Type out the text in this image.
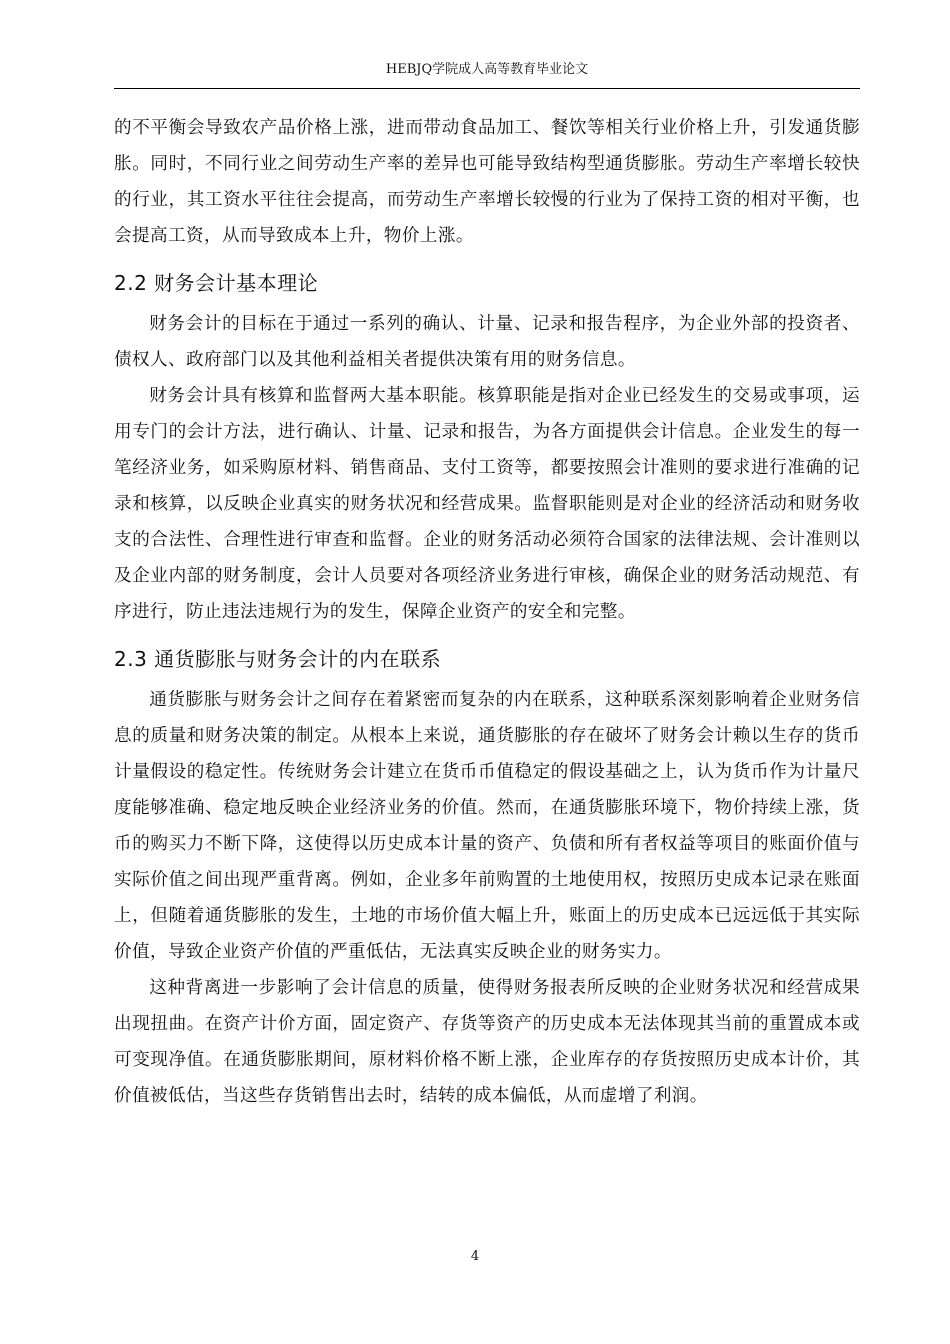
HEBJQ学院成人高等教育毕业论文

的不平衡会导致农产品价格上涨，进而带动食品加工、餐饮等相关行业价格上升，引发通货膨胀。同时，不同行业之间劳动生产率的差异也可能导致结构型通货膨胀。劳动生产率增长较快的行业，其工资水平往往会提高，而劳动生产率增长较慢的行业为了保持工资的相对平衡，也会提高工资，从而导致成本上升，物价上涨。

2.2 财务会计基本理论

财务会计的目标在于通过一系列的确认、计量、记录和报告程序，为企业外部的投资者、债权人、政府部门以及其他利益相关者提供决策有用的财务信息。

财务会计具有核算和监督两大基本职能。核算职能是指对企业已经发生的交易或事项，运用专门的会计方法，进行确认、计量、记录和报告，为各方面提供会计信息。企业发生的每一笔经济业务，如采购原材料、销售商品、支付工资等，都要按照会计准则的要求进行准确的记录和核算，以反映企业真实的财务状况和经营成果。监督职能则是对企业的经济活动和财务收支的合法性、合理性进行审查和监督。企业的财务活动必须符合国家的法律法规、会计准则以及企业内部的财务制度，会计人员要对各项经济业务进行审核，确保企业的财务活动规范、有序进行，防止违法违规行为的发生，保障企业资产的安全和完整。

2.3 通货膨胀与财务会计的内在联系

通货膨胀与财务会计之间存在着紧密而复杂的内在联系，这种联系深刻影响着企业财务信息的质量和财务决策的制定。从根本上来说，通货膨胀的存在破坏了财务会计赖以生存的货币计量假设的稳定性。传统财务会计建立在货币币值稳定的假设基础之上，认为货币作为计量尺度能够准确、稳定地反映企业经济业务的价值。然而，在通货膨胀环境下，物价持续上涨，货币的购买力不断下降，这使得以历史成本计量的资产、负债和所有者权益等项目的账面价值与实际价值之间出现严重背离。例如，企业多年前购置的土地使用权，按照历史成本记录在账面上，但随着通货膨胀的发生，土地的市场价值大幅上升，账面上的历史成本已远远低于其实际价值，导致企业资产价值的严重低估，无法真实反映企业的财务实力。

这种背离进一步影响了会计信息的质量，使得财务报表所反映的企业财务状况和经营成果出现扭曲。在资产计价方面，固定资产、存货等资产的历史成本无法体现其当前的重置成本或可变现净值。在通货膨胀期间，原材料价格不断上涨，企业库存的存货按照历史成本计价，其价值被低估，当这些存货销售出去时，结转的成本偏低，从而虚增了利润。

4
